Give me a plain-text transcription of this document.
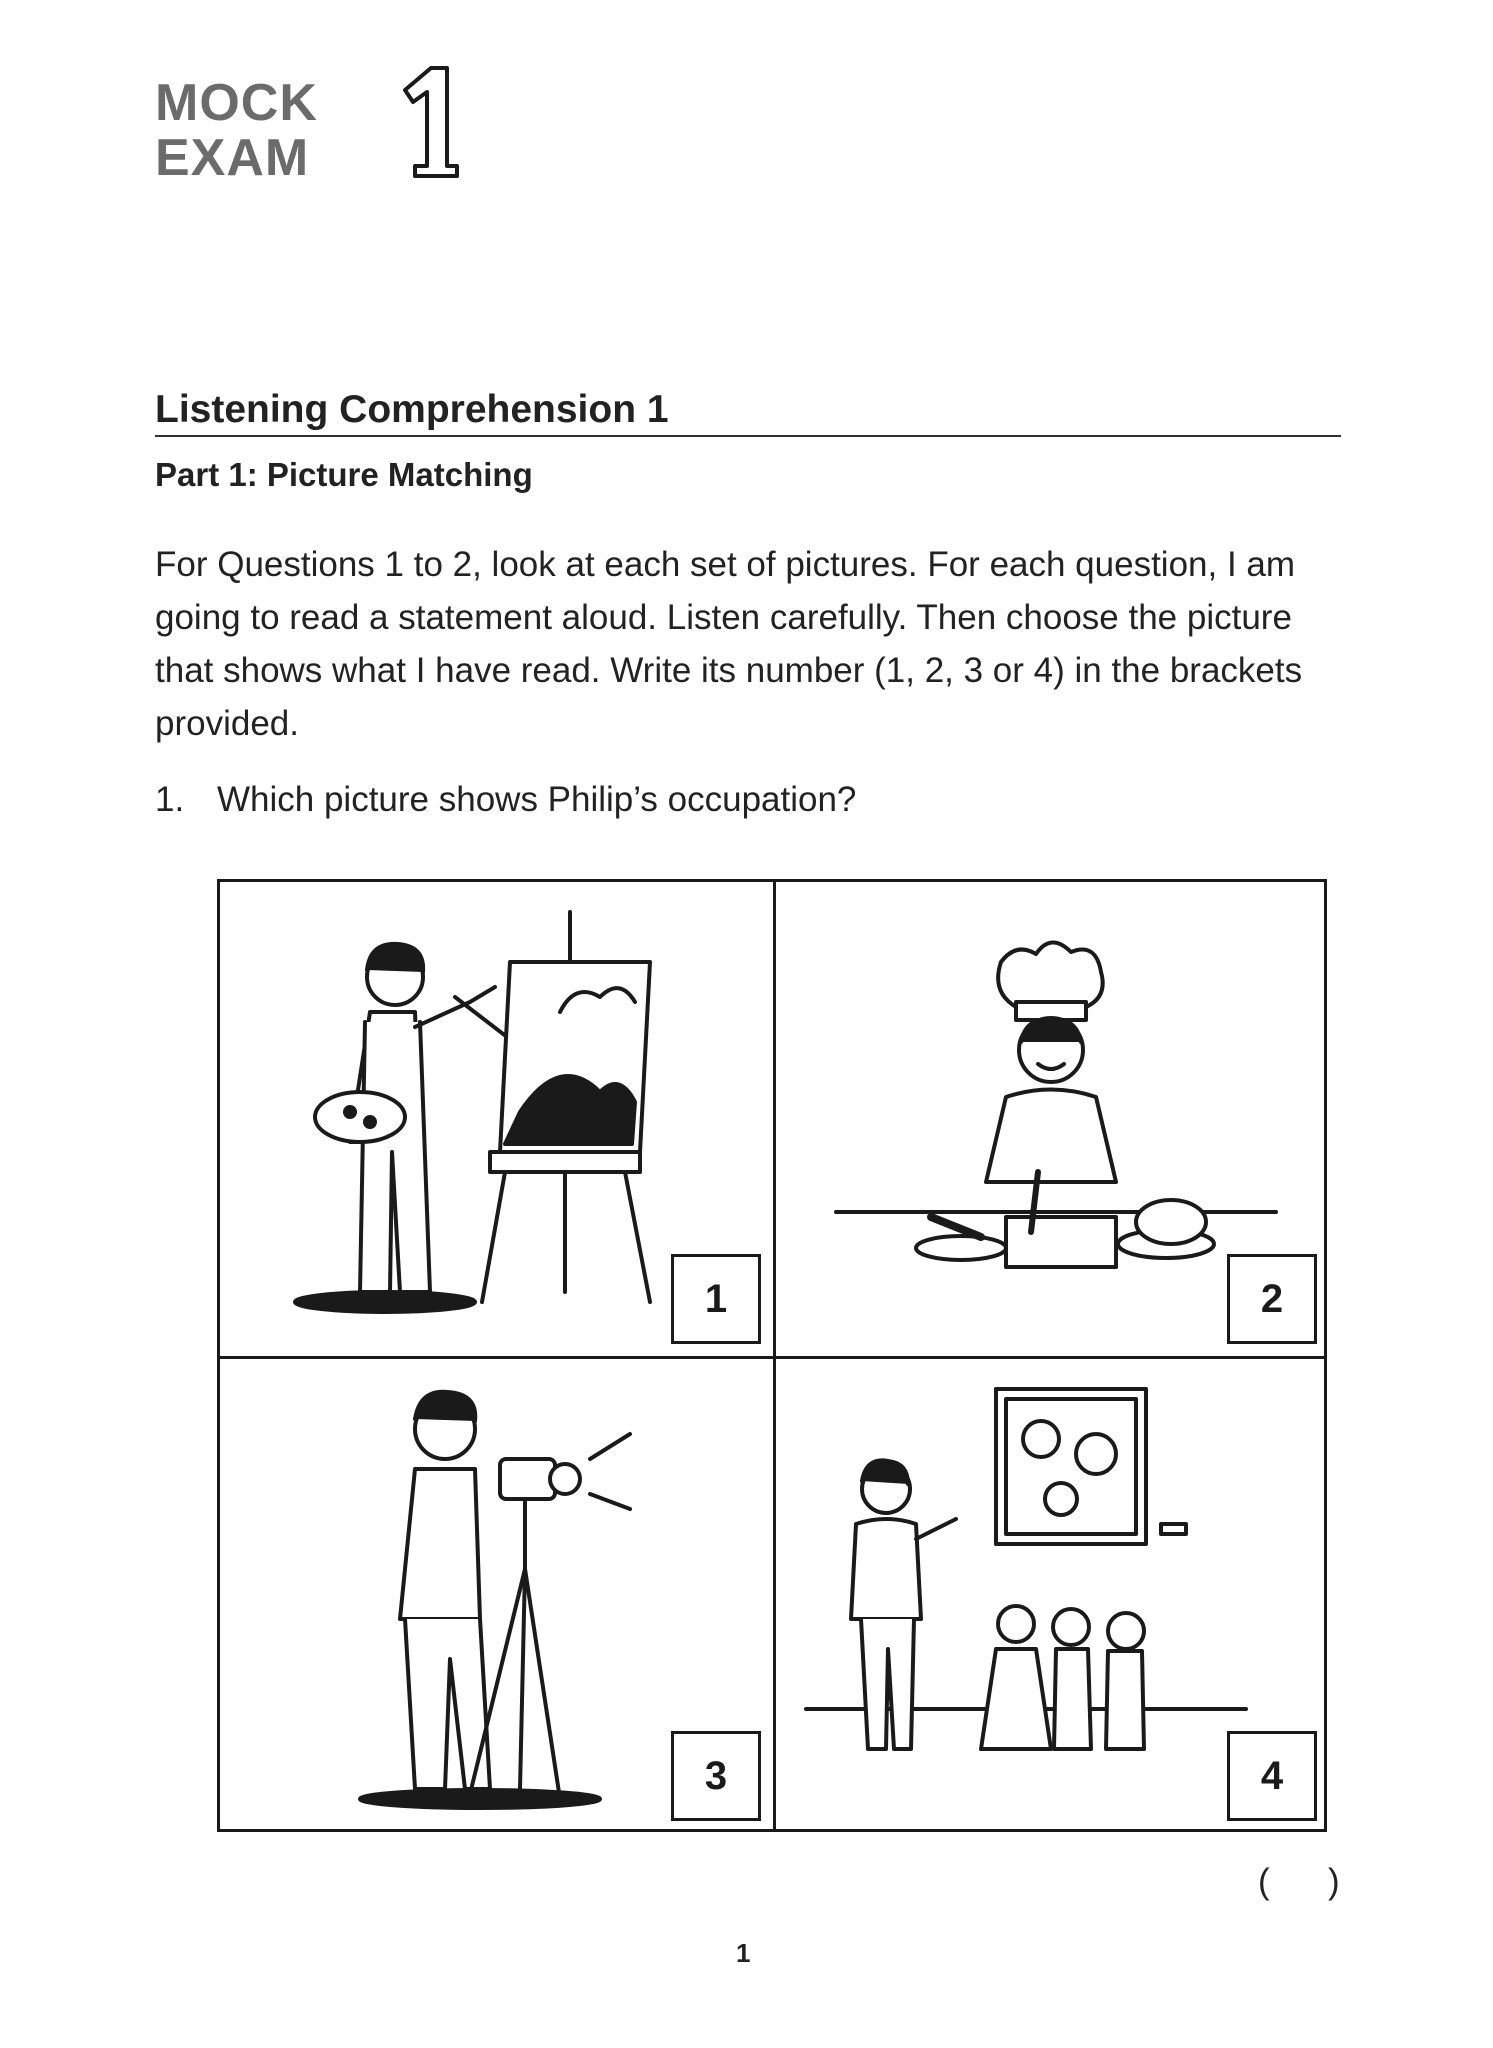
MOCK
EXAM
Listening Comprehension 1
Part 1: Picture Matching
For Questions 1 to 2, look at each set of pictures. For each question, I am going to read a statement aloud. Listen carefully. Then choose the picture that shows what I have read. Write its number (1, 2, 3 or 4) in the brackets provided.
1. Which picture shows Philip’s occupation?
1	2
3	4
(      )
1
